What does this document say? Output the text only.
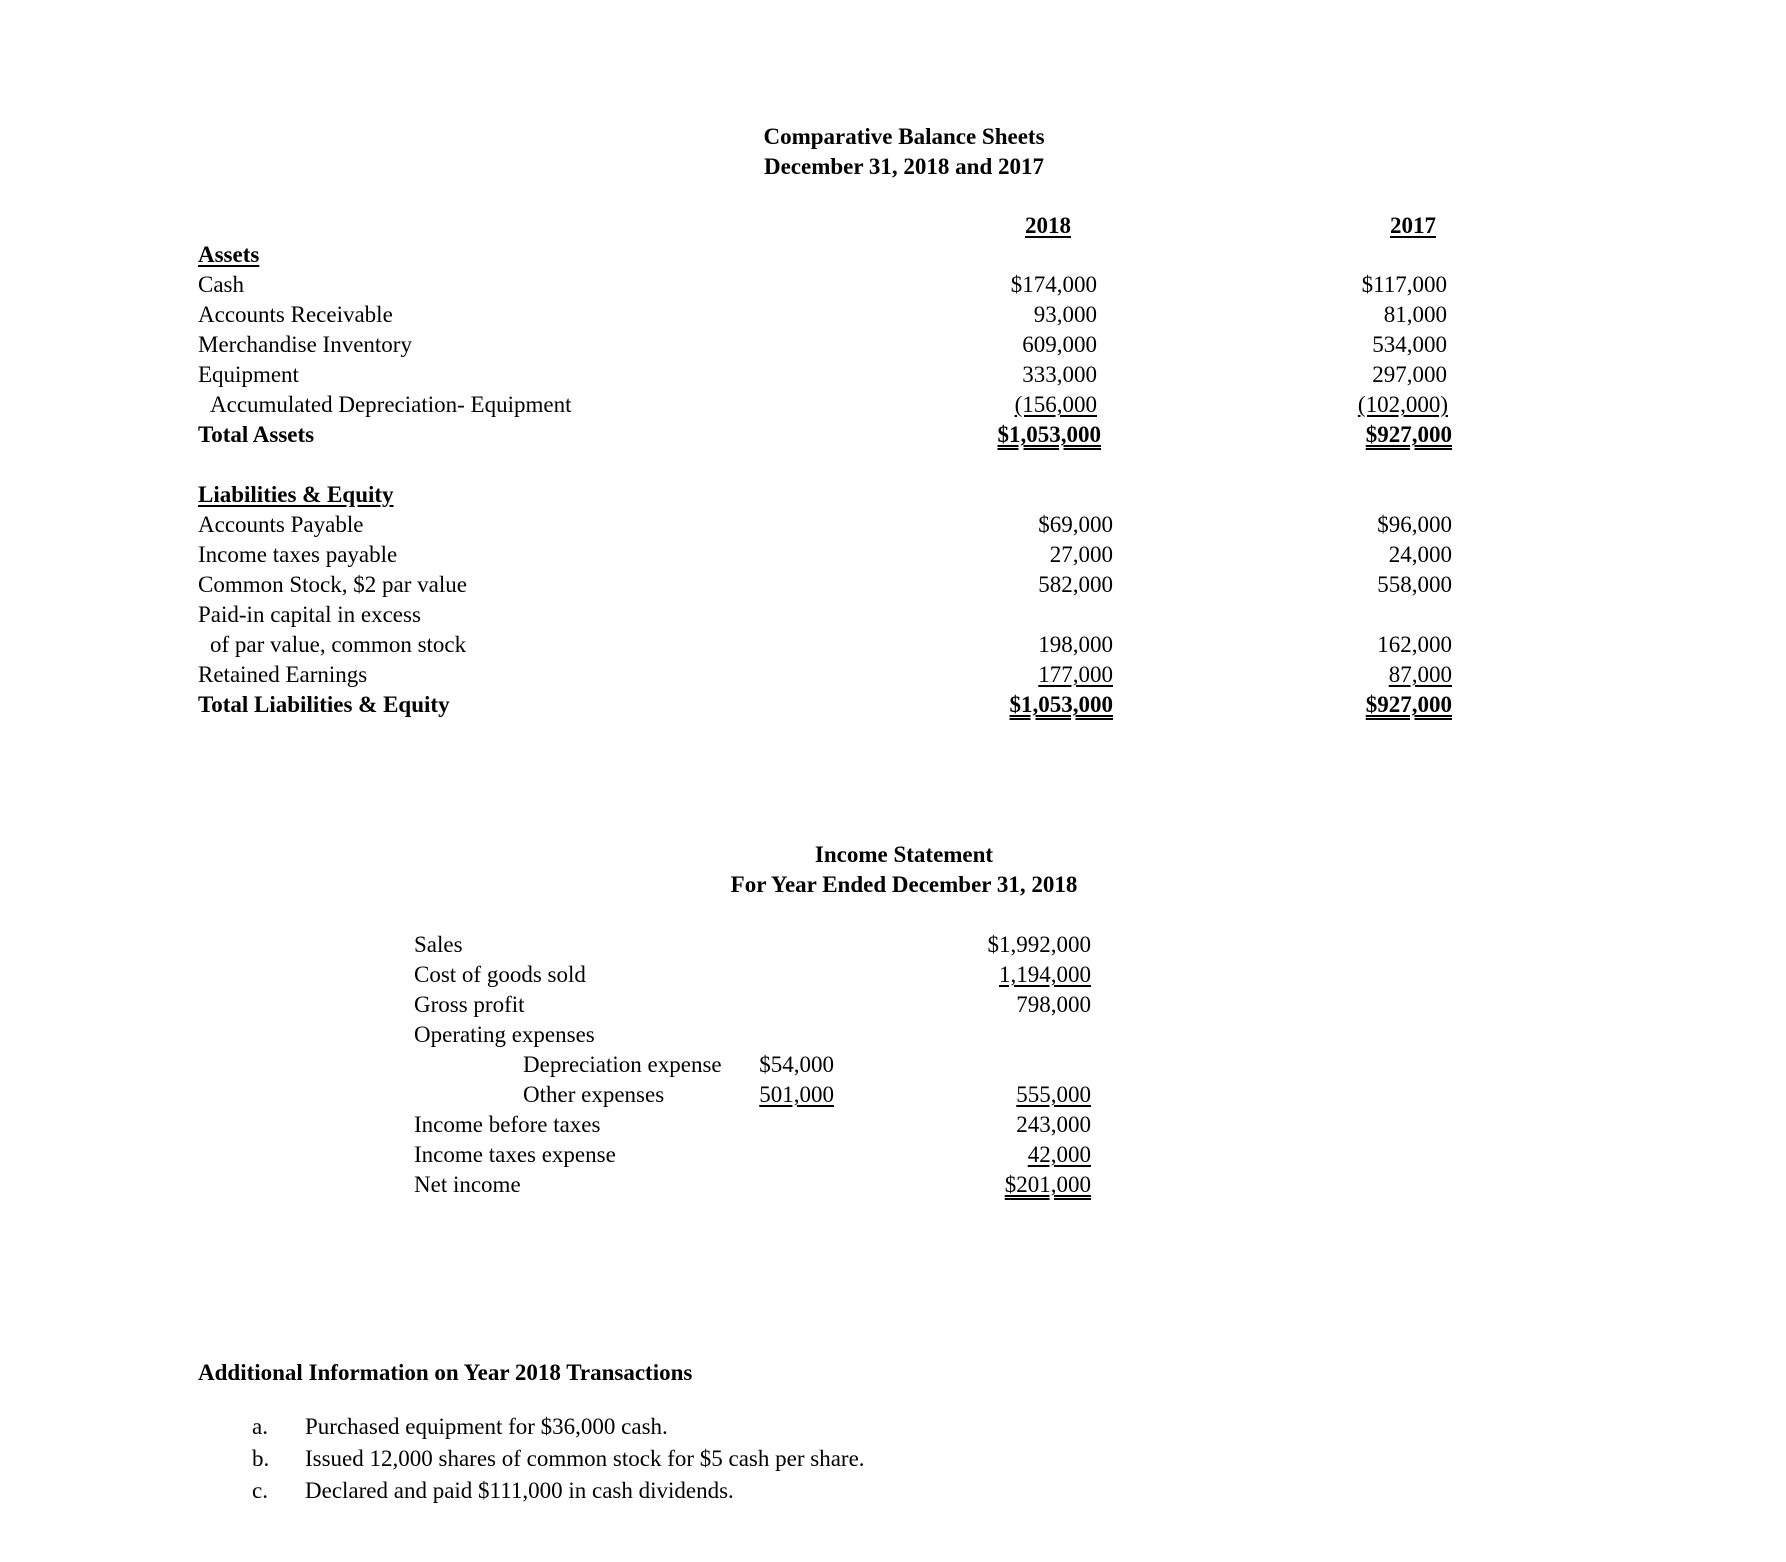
Comparative Balance Sheets
December 31, 2018 and 2017
2018	2017
Assets
Cash	$174,000	$117,000
Accounts Receivable	93,000	81,000
Merchandise Inventory	609,000	534,000
Equipment	333,000	297,000
Accumulated Depreciation- Equipment	(156,000	(102,000)
Total Assets	$1,053,000	$927,000
Liabilities & Equity
Accounts Payable	$69,000	$96,000
Income taxes payable	27,000	24,000
Common Stock, $2 par value	582,000	558,000
Paid-in capital in excess
of par value, common stock	198,000	162,000
Retained Earnings	177,000	87,000
Total Liabilities & Equity	$1,053,000	$927,000
Income Statement
For Year Ended December 31, 2018
Sales	$1,992,000
Cost of goods sold	1,194,000
Gross profit	798,000
Operating expenses
Depreciation expense $54,000
Other expenses	501,000	555,000
Income before taxes	243,000
Income taxes expense	42,000
Net income	$201,000
Additional Information on Year 2018 Transactions
a. Purchased equipment for $36,000 cash.
b. Issued 12,000 shares of common stock for $5 cash per share.
c. Declared and paid $111,000 in cash dividends.
